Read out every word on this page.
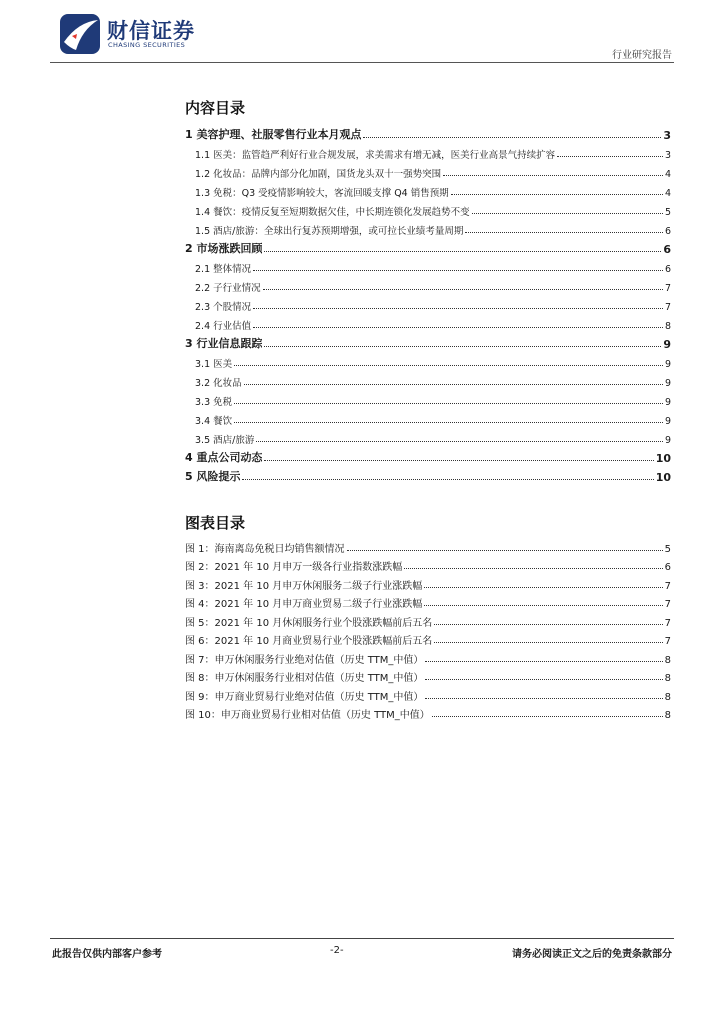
财信证券
CHASING SECURITIES
行业研究报告
内容目录
1 美容护理、社服零售行业本月观点	3
1.1 医美：监管趋严利好行业合规发展，求美需求有增无减，医美行业高景气持续扩容	3
1.2 化妆品：品牌内部分化加剧，国货龙头双十一强势突围	4
1.3 免税：Q3 受疫情影响较大，客流回暖支撑 Q4 销售预期	4
1.4 餐饮：疫情反复至短期数据欠佳，中长期连锁化发展趋势不变	5
1.5 酒店/旅游：全球出行复苏预期增强，或可拉长业绩考量周期	6
2 市场涨跌回顾	6
2.1 整体情况	6
2.2 子行业情况	7
2.3 个股情况	7
2.4 行业估值	8
3 行业信息跟踪	9
3.1 医美	9
3.2 化妆品	9
3.3 免税	9
3.4 餐饮	9
3.5 酒店/旅游	9
4 重点公司动态	10
5 风险提示	10
图表目录
图 1：海南离岛免税日均销售额情况	5
图 2：2021 年 10 月申万一级各行业指数涨跌幅	6
图 3：2021 年 10 月申万休闲服务二级子行业涨跌幅	7
图 4：2021 年 10 月申万商业贸易二级子行业涨跌幅	7
图 5：2021 年 10 月休闲服务行业个股涨跌幅前后五名	7
图 6：2021 年 10 月商业贸易行业个股涨跌幅前后五名	7
图 7：申万休闲服务行业绝对估值（历史 TTM_中值）	8
图 8：申万休闲服务行业相对估值（历史 TTM_中值）	8
图 9：申万商业贸易行业绝对估值（历史 TTM_中值）	8
图 10：申万商业贸易行业相对估值（历史 TTM_中值）	8
此报告仅供内部客户参考	-2-	请务必阅读正文之后的免责条款部分
